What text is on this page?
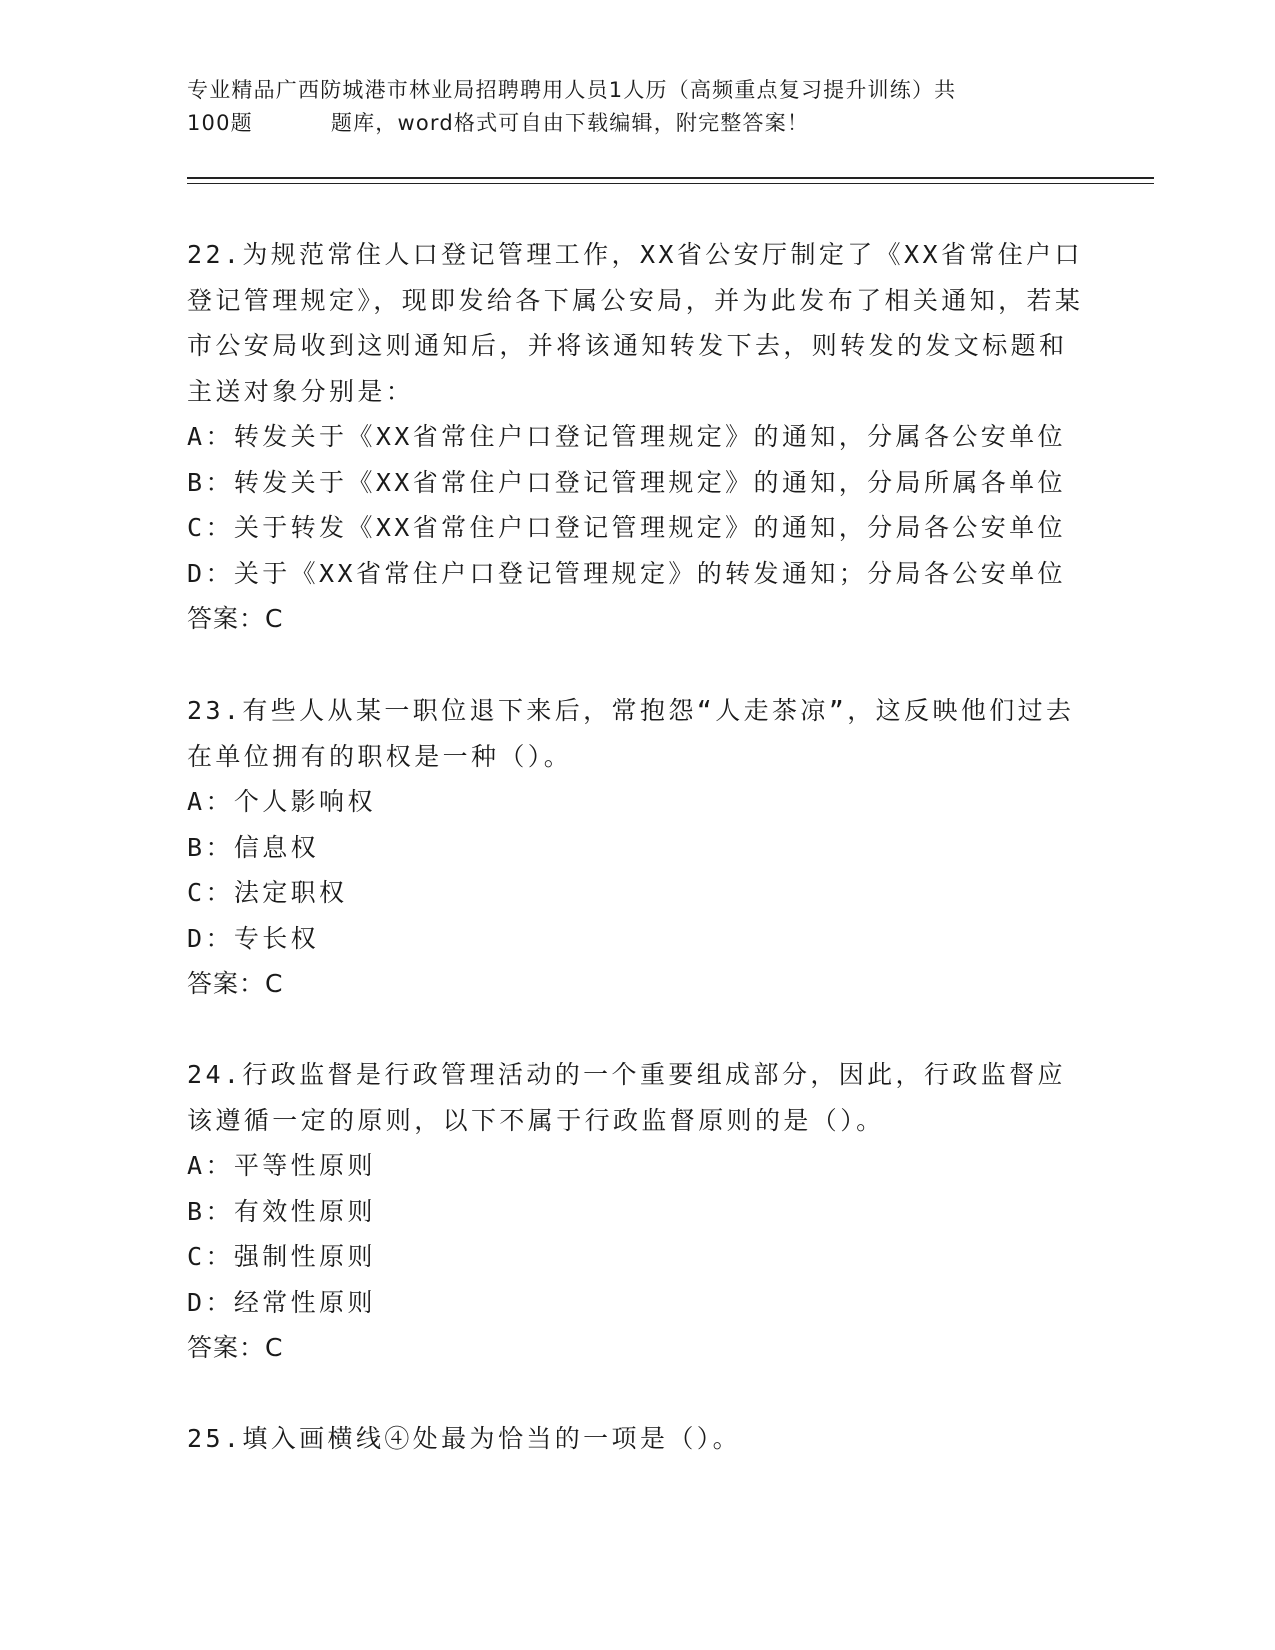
专业精品广西防城港市林业局招聘聘用人员1人历（高频重点复习提升训练）共
100题	题库，word格式可自由下载编辑，附完整答案！

22.为规范常住人口登记管理工作，XX省公安厅制定了《XX省常住户口登记管理规定》，现即发给各下属公安局，并为此发布了相关通知，若某市公安局收到这则通知后，并将该通知转发下去，则转发的发文标题和主送对象分别是：

A：转发关于《XX省常住户口登记管理规定》的通知，分属各公安单位

B：转发关于《XX省常住户口登记管理规定》的通知，分局所属各单位

C：关于转发《XX省常住户口登记管理规定》的通知，分局各公安单位

D：关于《XX省常住户口登记管理规定》的转发通知；分局各公安单位

答案：C

23.有些人从某一职位退下来后，常抱怨“人走茶凉”，这反映他们过去在单位拥有的职权是一种（）。

A：个人影响权

B：信息权

C：法定职权

D：专长权

答案：C

24.行政监督是行政管理活动的一个重要组成部分，因此，行政监督应该遵循一定的原则，以下不属于行政监督原则的是（）。

A：平等性原则

B：有效性原则

C：强制性原则

D：经常性原则

答案：C

25.填入画横线④处最为恰当的一项是（）。
